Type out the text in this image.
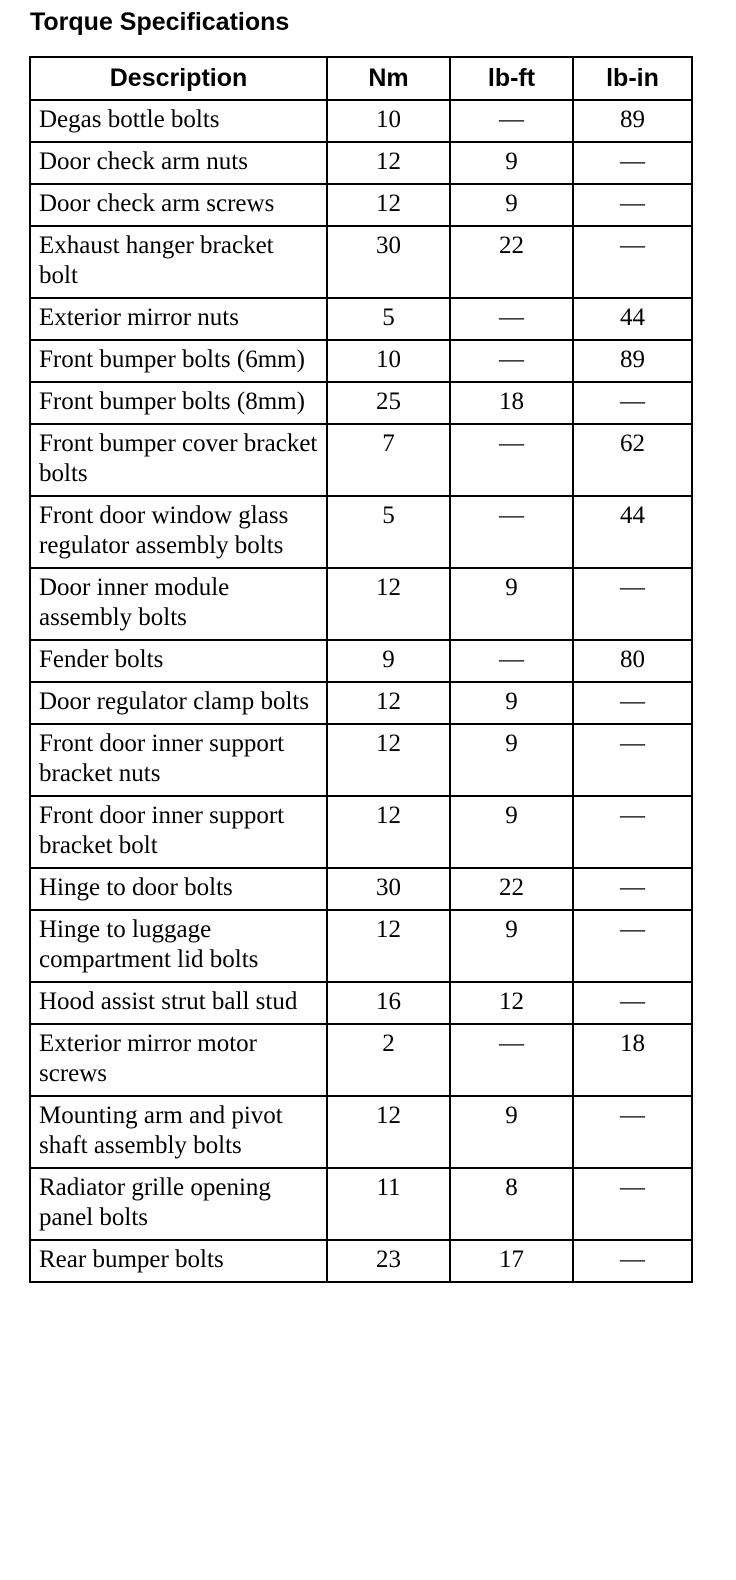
Torque Specifications
Description	Nm	lb-ft	lb-in
Degas bottle bolts	10	—	89
Door check arm nuts	12	9	—
Door check arm screws	12	9	—
Exhaust hanger bracket bolt	30	22	—
Exterior mirror nuts	5	—	44
Front bumper bolts (6mm)	10	—	89
Front bumper bolts (8mm)	25	18	—
Front bumper cover bracket bolts	7	—	62
Front door window glass regulator assembly bolts	5	—	44
Door inner module assembly bolts	12	9	—
Fender bolts	9	—	80
Door regulator clamp bolts	12	9	—
Front door inner support bracket nuts	12	9	—
Front door inner support bracket bolt	12	9	—
Hinge to door bolts	30	22	—
Hinge to luggage compartment lid bolts	12	9	—
Hood assist strut ball stud	16	12	—
Exterior mirror motor screws	2	—	18
Mounting arm and pivot shaft assembly bolts	12	9	—
Radiator grille opening panel bolts	11	8	—
Rear bumper bolts	23	17	—
